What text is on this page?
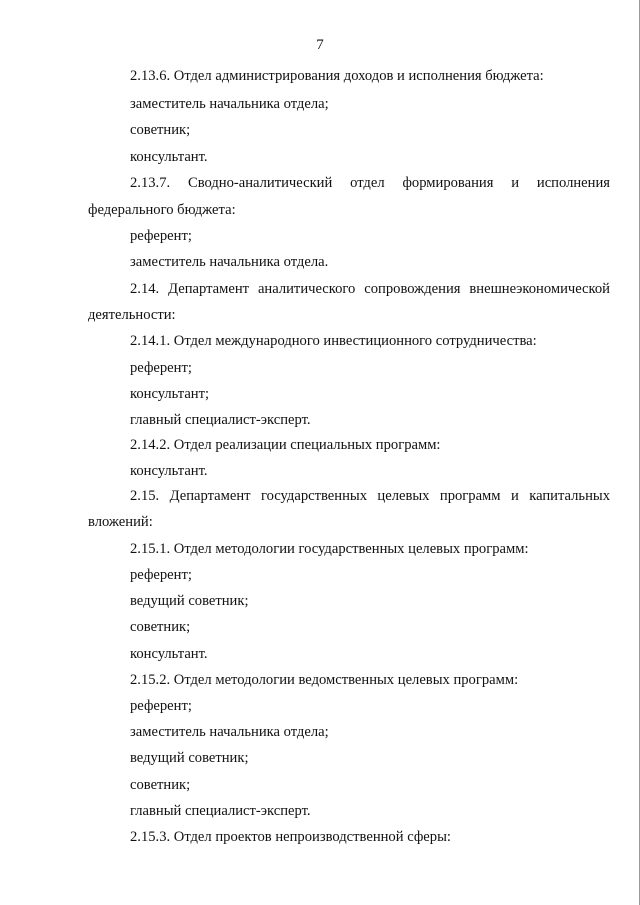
7

2.13.6. Отдел администрирования доходов и исполнения бюджета:

заместитель начальника отдела;

советник;

консультант.

2.13.7. Сводно-аналитический отдел формирования и исполнения

федерального бюджета:

референт;

заместитель начальника отдела.

2.14. Департамент аналитического сопровождения внешнеэкономической

деятельности:

2.14.1. Отдел международного инвестиционного сотрудничества:

референт;

консультант;

главный специалист-эксперт.

2.14.2. Отдел реализации специальных программ:

консультант.

2.15. Департамент государственных целевых программ и капитальных

вложений:

2.15.1. Отдел методологии государственных целевых программ:

референт;

ведущий советник;

советник;

консультант.

2.15.2. Отдел методологии ведомственных целевых программ:

референт;

заместитель начальника отдела;

ведущий советник;

советник;

главный специалист-эксперт.

2.15.3. Отдел проектов непроизводственной сферы:
